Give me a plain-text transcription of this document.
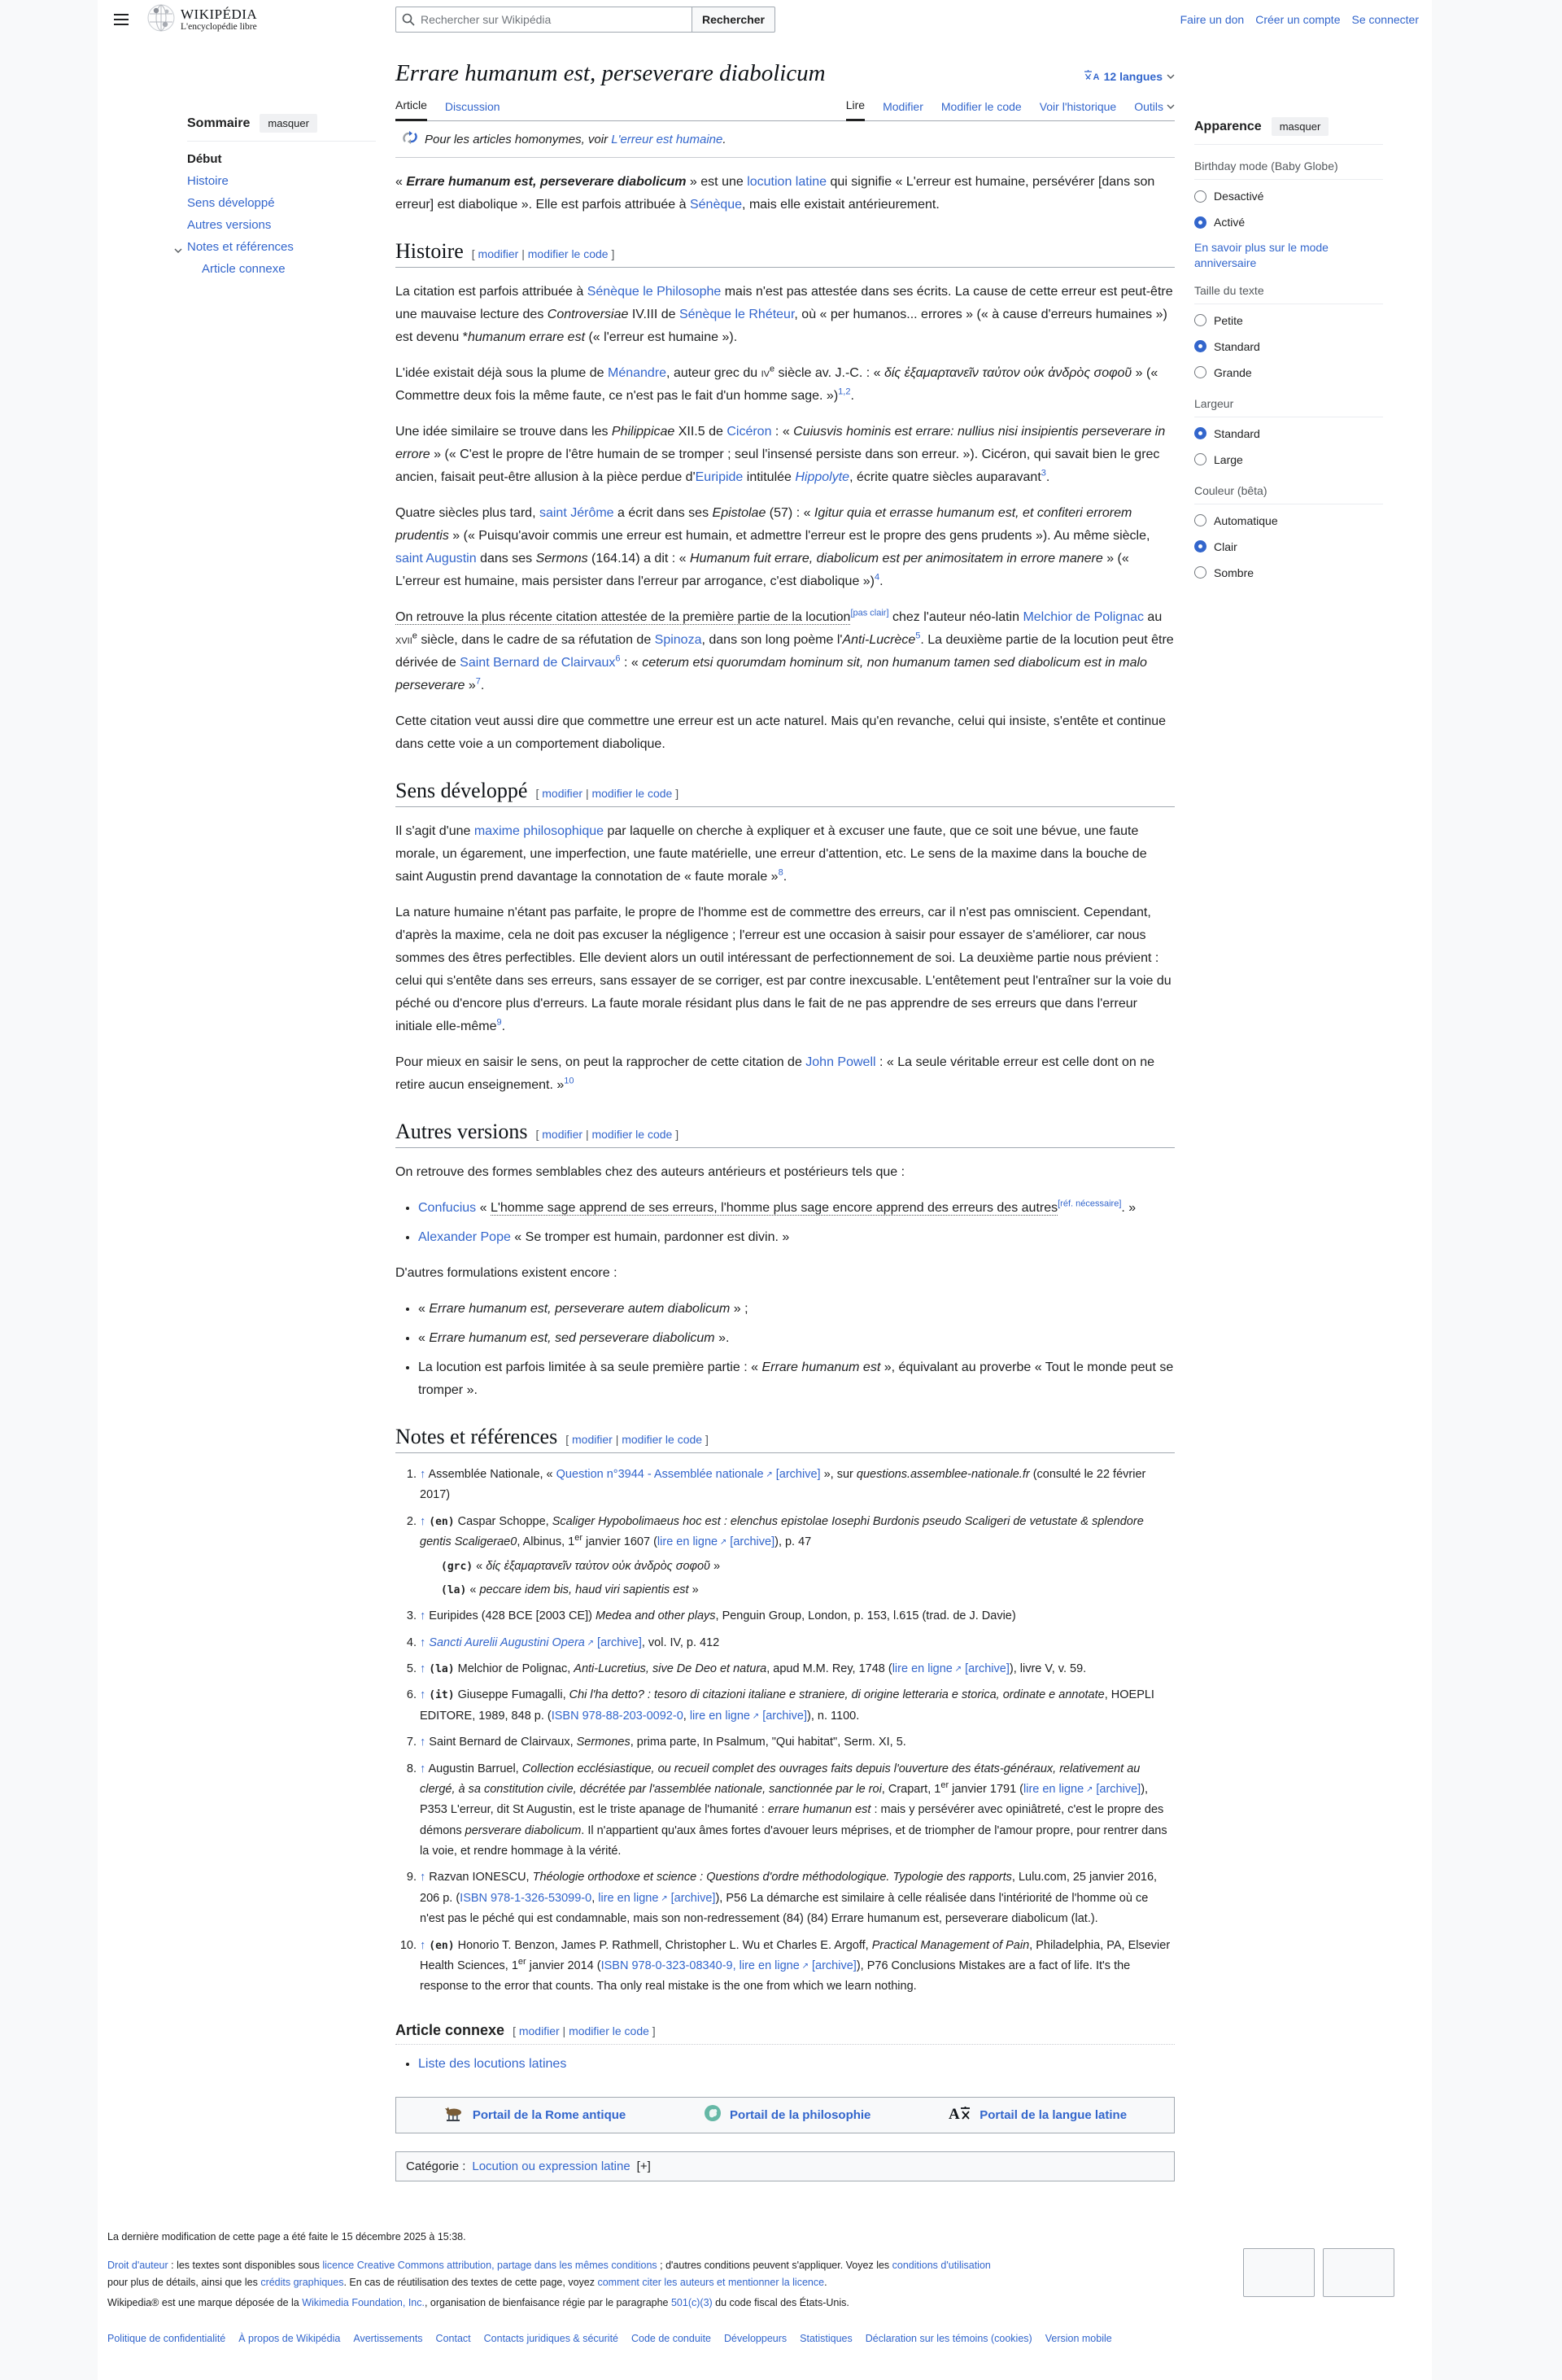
WIKIPÉDIA
L'encyclopédie libre
Rechercher sur Wikipédia
Rechercher	Faire un don Créer un compte Se connecter
Sommaire	masquer
Début
Histoire
Sens développé
Autres versions
Notes et références
Article connexe
Errare humanum est, perseverare diabolicum	A 12 langues
Article Discussion	Lire Modifier Modifier le code Voir l'historique Outils
Pour les articles homonymes, voir L'erreur est humaine.

« Errare humanum est, perseverare diabolicum » est une locution latine qui signifie « L'erreur est humaine, persévérer [dans son erreur] est diabolique ». Elle est parfois attribuée à Sénèque, mais elle existait antérieurement.

Histoire [ modifier | modifier le code ]

La citation est parfois attribuée à Sénèque le Philosophe mais n'est pas attestée dans ses écrits. La cause de cette erreur est peut-être une mauvaise lecture des Controversiae IV.III de Sénèque le Rhéteur, où « per humanos... errores » (« à cause d'erreurs humaines ») est devenu *humanum errare est (« l'erreur est humaine »).

L'idée existait déjà sous la plume de Ménandre, auteur grec du $iv^e$ siècle av. J.-C. : « δίς ἐξαμαρτανεῖν ταὐτον οὐκ ἀνδρὸς σοφοῦ » (« Commettre deux fois la même faute, ce n'est pas le fait d'un homme sage. »)$^{1,2}$.

Une idée similaire se trouve dans les Philippicae XII.5 de Cicéron : « Cuiusvis hominis est errare: nullius nisi insipientis perseverare in errore » (« C'est le propre de l'être humain de se tromper ; seul l'insensé persiste dans son erreur. »). Cicéron, qui savait bien le grec ancien, faisait peut-être allusion à la pièce perdue d'Euripide intitulée Hippolyte, écrite quatre siècles auparavant$^3$.

Quatre siècles plus tard, saint Jérôme a écrit dans ses Epistolae (57) : « Igitur quia et errasse humanum est, et confiteri errorem prudentis » (« Puisqu'avoir commis une erreur est humain, et admettre l'erreur est le propre des gens prudents »). Au même siècle, saint Augustin dans ses Sermons (164.14) a dit : « Humanum fuit errare, diabolicum est per animositatem in errore manere » (« L'erreur est humaine, mais persister dans l'erreur par arrogance, c'est diabolique »)$^4$.

On retrouve la plus récente citation attestée de la première partie de la locution[pas clair] chez l'auteur néo-latin Melchior de Polignac au xvii$^e$ siècle, dans le cadre de sa réfutation de Spinoza, dans son long poème l'Anti-Lucrèce$^5$. La deuxième partie de la locution peut être dérivée de Saint Bernard de Clairvaux$^6$ : « ceterum etsi quorumdam hominum sit, non humanum tamen sed diabolicum est in malo perseverare »$^7$.

Cette citation veut aussi dire que commettre une erreur est un acte naturel. Mais qu'en revanche, celui qui insiste, s'entête et continue dans cette voie a un comportement diabolique.

Sens développé [ modifier | modifier le code ]

Il s'agit d'une maxime philosophique par laquelle on cherche à expliquer et à excuser une faute, que ce soit une bévue, une faute morale, un égarement, une imperfection, une faute matérielle, une erreur d'attention, etc. Le sens de la maxime dans la bouche de saint Augustin prend davantage la connotation de « faute morale »$^8$.

La nature humaine n'étant pas parfaite, le propre de l'homme est de commettre des erreurs, car il n'est pas omniscient. Cependant, d'après la maxime, cela ne doit pas excuser la négligence ; l'erreur est une occasion à saisir pour essayer de s'améliorer, car nous sommes des êtres perfectibles. Elle devient alors un outil intéressant de perfectionnement de soi. La deuxième partie nous prévient : celui qui s'entête dans ses erreurs, sans essayer de se corriger, est par contre inexcusable. L'entêtement peut l'entraîner sur la voie du péché ou d'encore plus d'erreurs. La faute morale résidant plus dans le fait de ne pas apprendre de ses erreurs que dans l'erreur initiale elle-même$^9$.

Pour mieux en saisir le sens, on peut la rapprocher de cette citation de John Powell : « La seule véritable erreur est celle dont on ne retire aucun enseignement. »$^{10}$

Autres versions [ modifier | modifier le code ]

On retrouve des formes semblables chez des auteurs antérieurs et postérieurs tels que :

• Confucius « L'homme sage apprend de ses erreurs, l'homme plus sage encore apprend des erreurs des autres[réf. nécessaire]. »
• Alexander Pope « Se tromper est humain, pardonner est divin. »

D'autres formulations existent encore :

• « Errare humanum est, perseverare autem diabolicum » ;
• « Errare humanum est, sed perseverare diabolicum ».
• La locution est parfois limitée à sa seule première partie : « Errare humanum est », équivalant au proverbe « Tout le monde peut se tromper ».
Notes et références [ modifier | modifier le code ]
1. ↑ Assemblée Nationale, « Question n°3944 - Assemblée nationale ↗ [archive] », sur questions.assemblee-nationale.fr (consulté le 22 février 2017)
2. ↑ (en) Caspar Schoppe, Scaliger Hypobolimaeus hoc est : elenchus epistolae Iosephi Burdonis pseudo Scaligeri de vetustate & splendore gentis Scaligerae0, Albinus, 1er janvier 1607 (lire en ligne ↗ [archive]), p. 47
(grc) « δίς ἐξαμαρτανεῖν ταὐτον οὐκ ἀνδρὸς σοφοῦ »
(la) « peccare idem bis, haud viri sapientis est »
3. ↑ Euripides (428 BCE [2003 CE]) Medea and other plays, Penguin Group, London, p. 153, l.615 (trad. de J. Davie)
4. ↑ Sancti Aurelii Augustini Opera ↗ [archive], vol. IV, p. 412
5. ↑ (la) Melchior de Polignac, Anti-Lucretius, sive De Deo et natura, apud M.M. Rey, 1748 (lire en ligne ↗ [archive]), livre V, v. 59.
6. ↑ (it) Giuseppe Fumagalli, Chi l'ha detto? : tesoro di citazioni italiane e straniere, di origine letteraria e storica, ordinate e annotate, HOEPLI EDITORE, 1989, 848 p. (ISBN 978-88-203-0092-0, lire en ligne ↗ [archive]), n. 1100.
7. ↑ Saint Bernard de Clairvaux, Sermones, prima parte, In Psalmum, "Qui habitat", Serm. XI, 5.
8. ↑ Augustin Barruel, Collection ecclésiastique, ou recueil complet des ouvrages faits depuis l'ouverture des états-généraux, relativement au clergé, à sa constitution civile, décrétée par l'assemblée nationale, sanctionnée par le roi, Crapart, 1er janvier 1791 (lire en ligne ↗ [archive]), P353 L'erreur, dit St Augustin, est le triste apanage de l'humanité : errare humanun est : mais y persévérer avec opiniâtreté, c'est le propre des démons persverare diabolicum. Il n'appartient qu'aux âmes fortes d'avouer leurs méprises, et de triompher de l'amour propre, pour rentrer dans la voie, et rendre hommage à la vérité.
9. ↑ Razvan IONESCU, Théologie orthodoxe et science : Questions d'ordre méthodologique. Typologie des rapports, Lulu.com, 25 janvier 2016, 206 p. (ISBN 978-1-326-53099-0, lire en ligne ↗ [archive]), P56 La démarche est similaire à celle réalisée dans l'intériorité de l'homme où ce n'est pas le péché qui est condamnable, mais son non-redressement (84) (84) Errare humanum est, perseverare diabolicum (lat.).
10. ↑ (en) Honorio T. Benzon, James P. Rathmell, Christopher L. Wu et Charles E. Argoff, Practical Management of Pain, Philadelphia, PA, Elsevier Health Sciences, 1er janvier 2014 (ISBN 978-0-323-08340-9, lire en ligne ↗ [archive]), P76 Conclusions Mistakes are a fact of life. It's the response to the error that counts. Tha only real mistake is the one from which we learn nothing.
Article connexe [ modifier | modifier le code ]
• Liste des locutions latines
Portail de la Rome antique	Portail de la philosophie	A Portail de la langue latine
Catégorie : Locution ou expression latine [+]
Apparence	masquer
Birthday mode (Baby Globe)
Desactivé
Activé
En savoir plus sur le mode anniversaire
Taille du texte
Petite
Standard
Grande
Largeur
Standard
Large
Couleur (bêta)
Automatique
Clair
Sombre

La dernière modification de cette page a été faite le 15 décembre 2025 à 15:38.

Droit d'auteur : les textes sont disponibles sous licence Creative Commons attribution, partage dans les mêmes conditions ; d'autres conditions peuvent s'appliquer. Voyez les conditions d'utilisation pour plus de détails, ainsi que les crédits graphiques. En cas de réutilisation des textes de cette page, voyez comment citer les auteurs et mentionner la licence.

Wikipedia® est une marque déposée de la Wikimedia Foundation, Inc., organisation de bienfaisance régie par le paragraphe 501(c)(3) du code fiscal des États-Unis.

Politique de confidentialité À propos de Wikipédia Avertissements Contact Contacts juridiques & sécurité Code de conduite Développeurs Statistiques Déclaration sur les témoins (cookies) Version mobile
